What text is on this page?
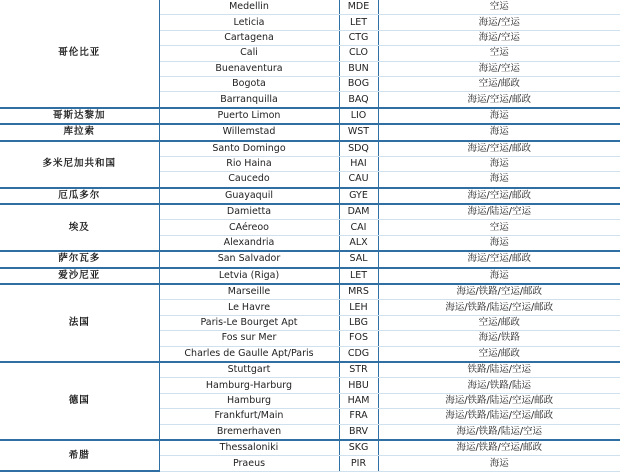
哥伦比亚	Medellin	MDE	空运
	Leticia	LET	海运/空运
	Cartagena	CTG	海运/空运
	Cali	CLO	空运
	Buenaventura	BUN	海运/空运
	Bogota	BOG	空运/邮政
	Barranquilla	BAQ	海运/空运/邮政
哥斯达黎加	Puerto Limon	LIO	海运
库拉索	Willemstad	WST	海运
多米尼加共和国	Santo Domingo	SDQ	海运/空运/邮政
	Rio Haina	HAI	海运
	Caucedo	CAU	海运
厄瓜多尔	Guayaquil	GYE	海运/空运/邮政
埃及	Damietta	DAM	海运/陆运/空运
	CAéreoo	CAI	空运
	Alexandria	ALX	海运
萨尔瓦多	San Salvador	SAL	海运/空运/邮政
爱沙尼亚	Letvia (Riga)	LET	海运
法国	Marseille	MRS	海运/铁路/空运/邮政
	Le Havre	LEH	海运/铁路/陆运/空运/邮政
	Paris-Le Bourget Apt	LBG	空运/邮政
	Fos sur Mer	FOS	海运/铁路
	Charles de Gaulle Apt/Paris	CDG	空运/邮政
德国	Stuttgart	STR	铁路/陆运/空运
	Hamburg-Harburg	HBU	海运/铁路/陆运
	Hamburg	HAM	海运/铁路/陆运/空运/邮政
	Frankfurt/Main	FRA	海运/铁路/陆运/空运/邮政
	Bremerhaven	BRV	海运/铁路/陆运/空运
希腊	Thessaloniki	SKG	海运/铁路/空运/邮政
	Praeus	PIR	海运
